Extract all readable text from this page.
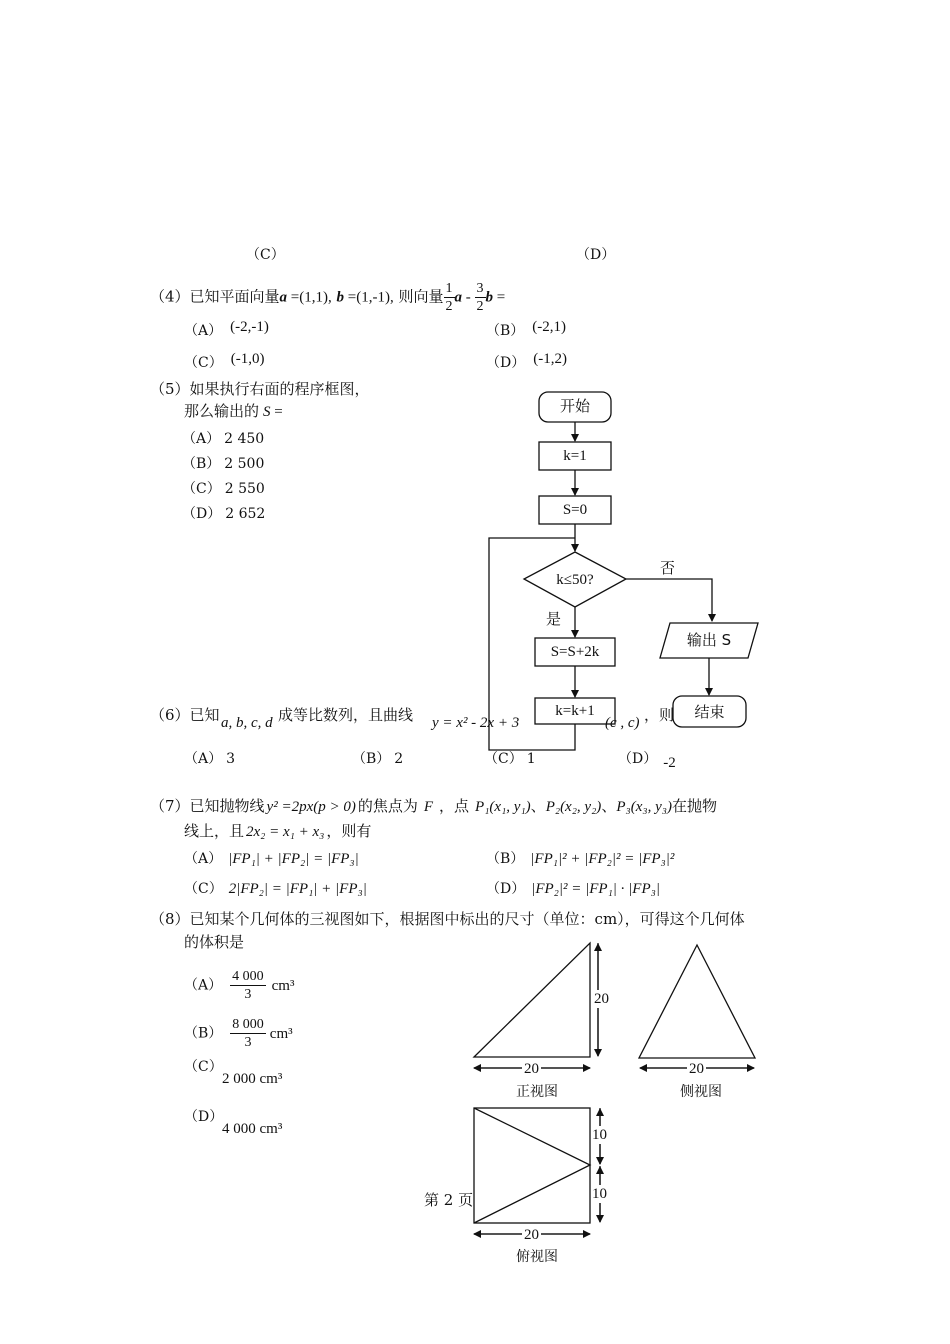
（C）	（D）
（4）已知平面向量a =(1,1), b =(1,‐1), 则向量 $\frac{1}{2}$ a ‐ $\frac{3}{2}$ b =
（A） (‐2,‐1)	（B） (‐2,1)
（C） (‐1,0)	（D） (‐1,2)
（5）如果执行右面的程序框图，
那么输出的 S =
（A） 2 450
（B） 2 500
（C） 2 550
（D） 2 652
（6）已知 a, b, c, d 成等比数列，且曲线 y = x² ‐ 2x + 3	(c , c) ，则
（A） 3	（B） 2	（C） 1	（D） ‐2
（7）已知抛物线 y² =2px(p > 0) 的焦点为 F ，点 P₁(x₁, y₁)、P₂(x₂, y₂)、P₃(x₃, y₃)在抛物
线上，且 2x₂ = x₁ + x₃ ，则有
（A） |FP₁| + |FP₂| = |FP₃|	（B） |FP₁|² + |FP₂|² = |FP₃|²
（C） 2|FP₂| = |FP₁| + |FP₃|	（D） |FP₂|² = |FP₁| · |FP₃|
（8）已知某个几何体的三视图如下，根据图中标出的尺寸（单位：cm），可得这个几何体
的体积是
$(A) \frac{4 000}{3} cm^3$
$(B) \frac{8 000}{3} cm^3$
（C）
2 000 cm³
（D）
4 000 cm³
开始
k=1
S=0
k≤50?
否
是
S=S+2k
k=k+1
输出 S
结束
20
20
正视图
20
侧视图
10
10
20
俯视图
第 2 页
